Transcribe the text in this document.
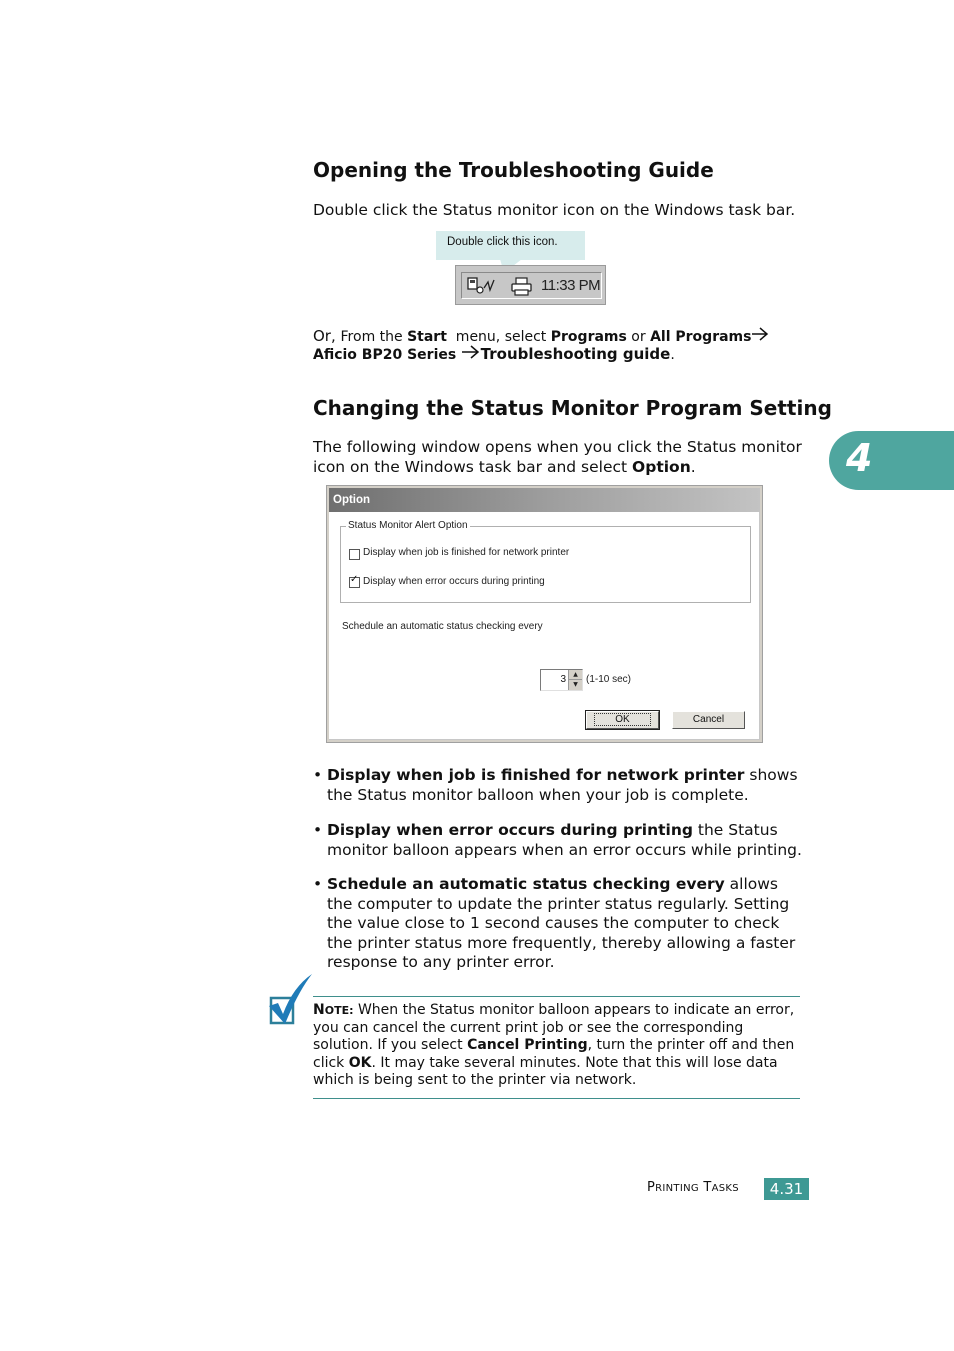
4
Opening the Troubleshooting Guide
Double click the Status monitor icon on the Windows task bar.
Double click this icon.
11:33 PM
Or, From the Start  menu, select Programs or All Programs
Aficio BP20 Series Troubleshooting guide.
Changing the Status Monitor Program Setting
The following window opens when you click the Status monitor icon on the Windows task bar and select Option.
Option
Status Monitor Alert Option
Display when job is finished for network printer
✓ Display when error occurs during printing
Schedule an automatic status checking every
3	▲
▼ (1-10 sec)
OK	Cancel
• Display when job is finished for network printer shows the Status monitor balloon when your job is complete.
• Display when error occurs during printing the Status monitor balloon appears when an error occurs while printing.
• Schedule an automatic status checking every allows the computer to update the printer status regularly. Setting the value close to 1 second causes the computer to check the printer status more frequently, thereby allowing a faster response to any printer error.
NOTE: When the Status monitor balloon appears to indicate an error, you can cancel the current print job or see the corresponding solution. If you select Cancel Printing, turn the printer off and then click OK. It may take several minutes. Note that this will lose data which is being sent to the printer via network.
PRINTING TASKS	4.31
